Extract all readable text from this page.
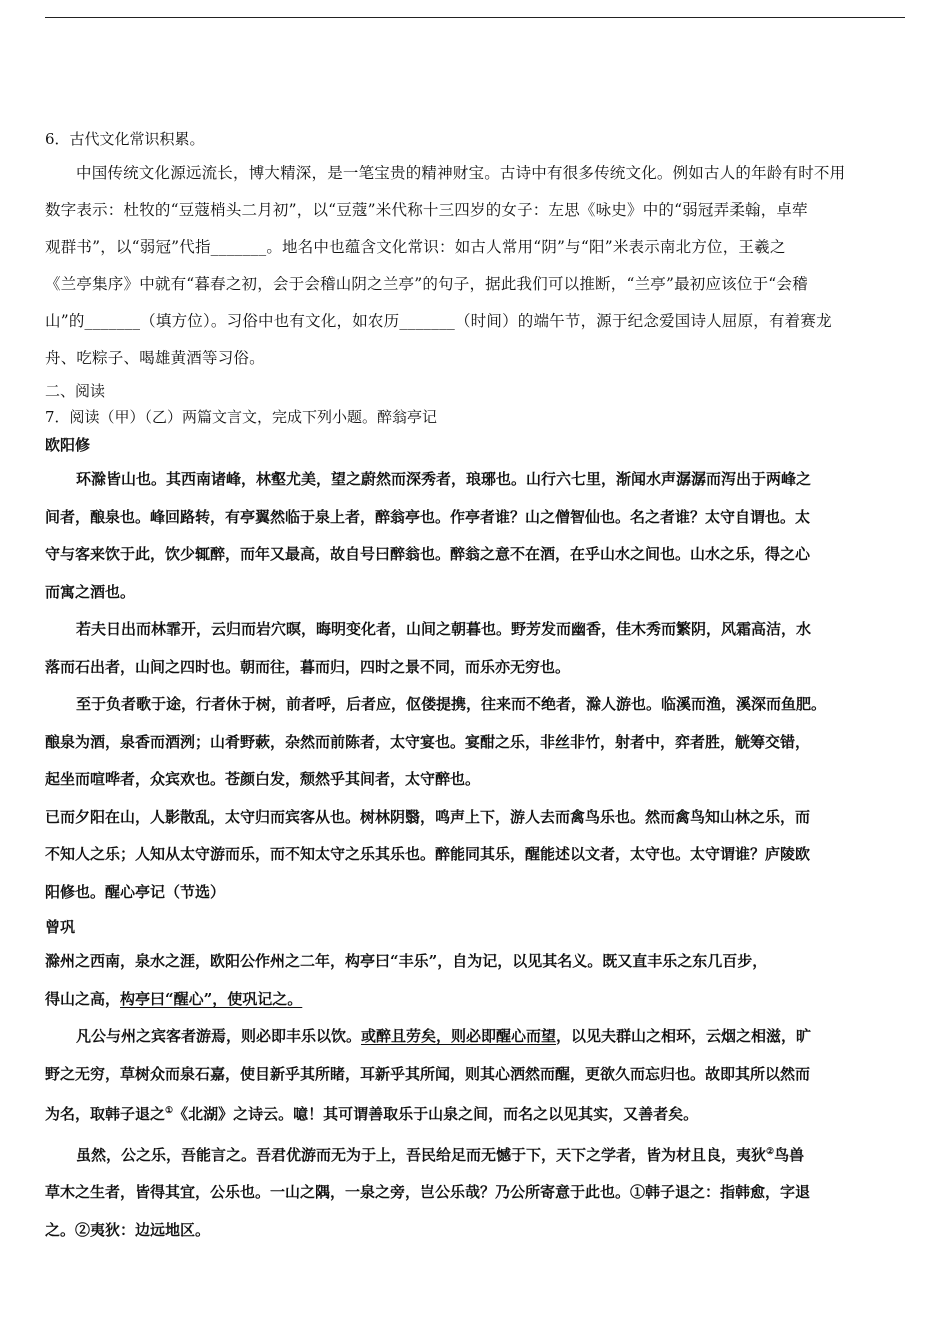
6．古代文化常识积累。
中国传统文化源远流长，博大精深，是一笔宝贵的精神财宝。古诗中有很多传统文化。例如古人的年龄有时不用
数字表示：杜牧的“豆蔻梢头二月初”，以“豆蔻”米代称十三四岁的女子：左思《咏史》中的“弱冠弄柔翰，卓荦
观群书”，以“弱冠”代指_______。地名中也蕴含文化常识：如古人常用“阴”与“阳”米表示南北方位，王羲之
《兰亭集序》中就有“暮春之初，会于会稽山阴之兰亭”的句子，据此我们可以推断，“兰亭”最初应该位于“会稽
山”的_______（填方位）。习俗中也有文化，如农历_______（时间）的端午节，源于纪念爱国诗人屈原，有着赛龙
舟、吃粽子、喝雄黄酒等习俗。
二、阅读
7．阅读（甲）（乙）两篇文言文，完成下列小题。醉翁亭记
欧阳修
环滁皆山也。其西南诸峰，林壑尤美，望之蔚然而深秀者，琅琊也。山行六七里，渐闻水声潺潺而泻出于两峰之
间者，酿泉也。峰回路转，有亭翼然临于泉上者，醉翁亭也。作亭者谁？山之僧智仙也。名之者谁？太守自谓也。太
守与客来饮于此，饮少辄醉，而年又最高，故自号曰醉翁也。醉翁之意不在酒，在乎山水之间也。山水之乐，得之心
而寓之酒也。
若夫日出而林霏开，云归而岩穴暝，晦明变化者，山间之朝暮也。野芳发而幽香，佳木秀而繁阴，风霜高洁，水
落而石出者，山间之四时也。朝而往，暮而归，四时之景不同，而乐亦无穷也。
至于负者歌于途，行者休于树，前者呼，后者应，伛偻提携，往来而不绝者，滁人游也。临溪而渔，溪深而鱼肥。
酿泉为酒，泉香而酒洌；山肴野蔌，杂然而前陈者，太守宴也。宴酣之乐，非丝非竹，射者中，弈者胜，觥筹交错，
起坐而喧哗者，众宾欢也。苍颜白发，颓然乎其间者，太守醉也。
已而夕阳在山，人影散乱，太守归而宾客从也。树林阴翳，鸣声上下，游人去而禽鸟乐也。然而禽鸟知山林之乐，而
不知人之乐；人知从太守游而乐，而不知太守之乐其乐也。醉能同其乐，醒能述以文者，太守也。太守谓谁？庐陵欧
阳修也。醒心亭记（节选）
曾巩
滁州之西南，泉水之涯，欧阳公作州之二年，构亭曰“丰乐”，自为记，以见其名义。既又直丰乐之东几百步，
得山之高，构亭曰“醒心”，使巩记之。
凡公与州之宾客者游焉，则必即丰乐以饮。或醉且劳矣，则必即醒心而望，以见夫群山之相环，云烟之相滋，旷
野之无穷，草树众而泉石嘉，使目新乎其所睹，耳新乎其所闻，则其心洒然而醒，更欲久而忘归也。故即其所以然而
为名，取韩子退之①《北湖》之诗云。噫！其可谓善取乐于山泉之间，而名之以见其实，又善者矣。
虽然，公之乐，吾能言之。吾君优游而无为于上，吾民给足而无憾于下，天下之学者，皆为材且良，夷狄②鸟兽
草木之生者，皆得其宜，公乐也。一山之隅，一泉之旁，岂公乐哉？乃公所寄意于此也。①韩子退之：指韩愈，字退
之。②夷狄：边远地区。
